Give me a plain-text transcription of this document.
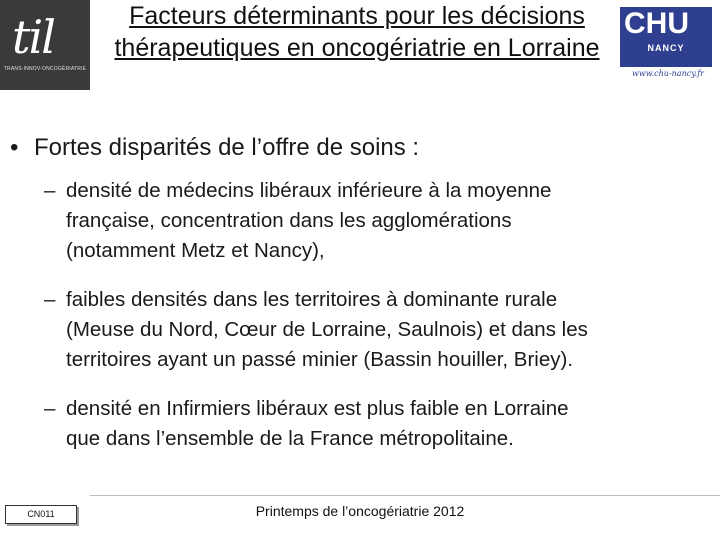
til
TRANS-INNOV-ONCOGÉRIATRIE
Facteurs déterminants pour les décisions
thérapeutiques en oncogériatrie en Lorraine
CHU
NANCY
www.chu-nancy.fr
• Fortes disparités de l’offre de soins :
– densité de médecins libéraux inférieure à la moyenne
française, concentration dans les agglomérations
(notamment Metz et Nancy),
– faibles densités dans les territoires à dominante rurale
(Meuse du Nord, Cœur de Lorraine, Saulnois) et dans les
territoires ayant un passé minier (Bassin houiller, Briey).
– densité en Infirmiers libéraux est plus faible en Lorraine
que dans l’ensemble de la France métropolitaine.
CN011	Printemps de l’oncogériatrie 2012
